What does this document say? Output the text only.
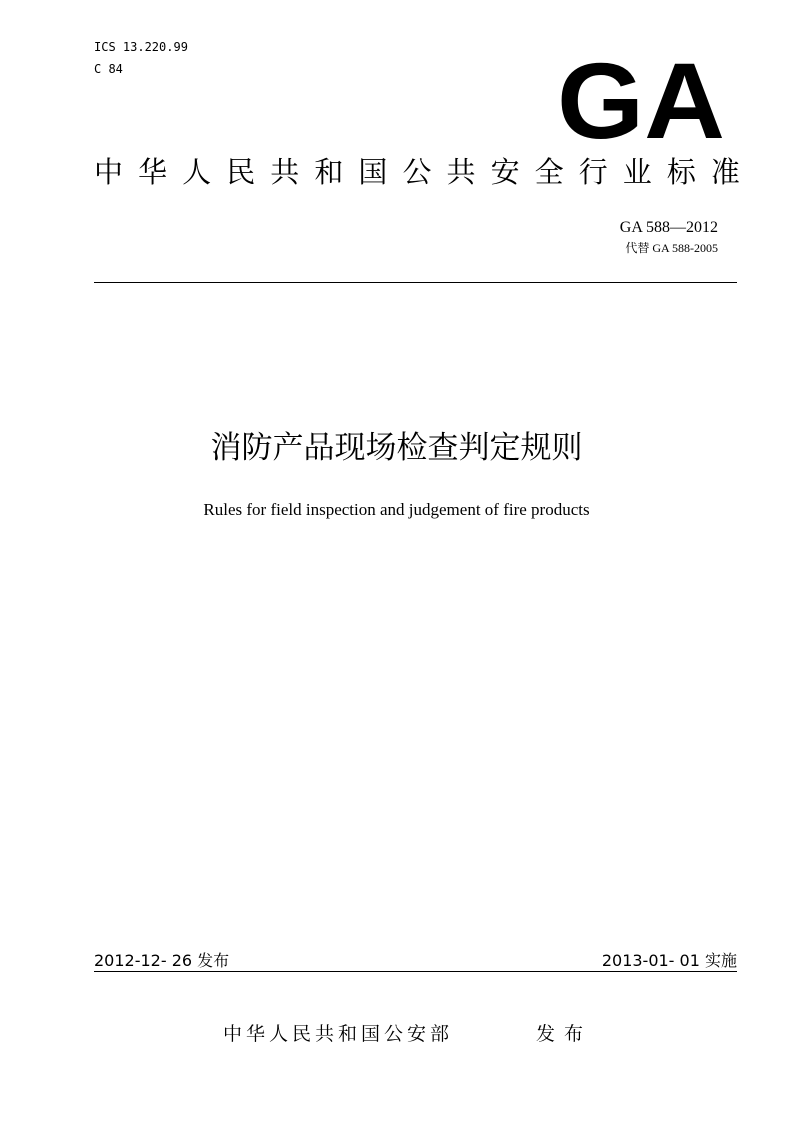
ICS 13.220.99
C 84	GA
中 华 人 民 共 和 国 公 共 安 全 行 业 标 准
GA 588—2012
代替 GA 588-2005
消防产品现场检查判定规则
Rules for field inspection and judgement of fire products
2012-12- 26 发布	2013-01- 01 实施
中华人民共和国公安部	发布
